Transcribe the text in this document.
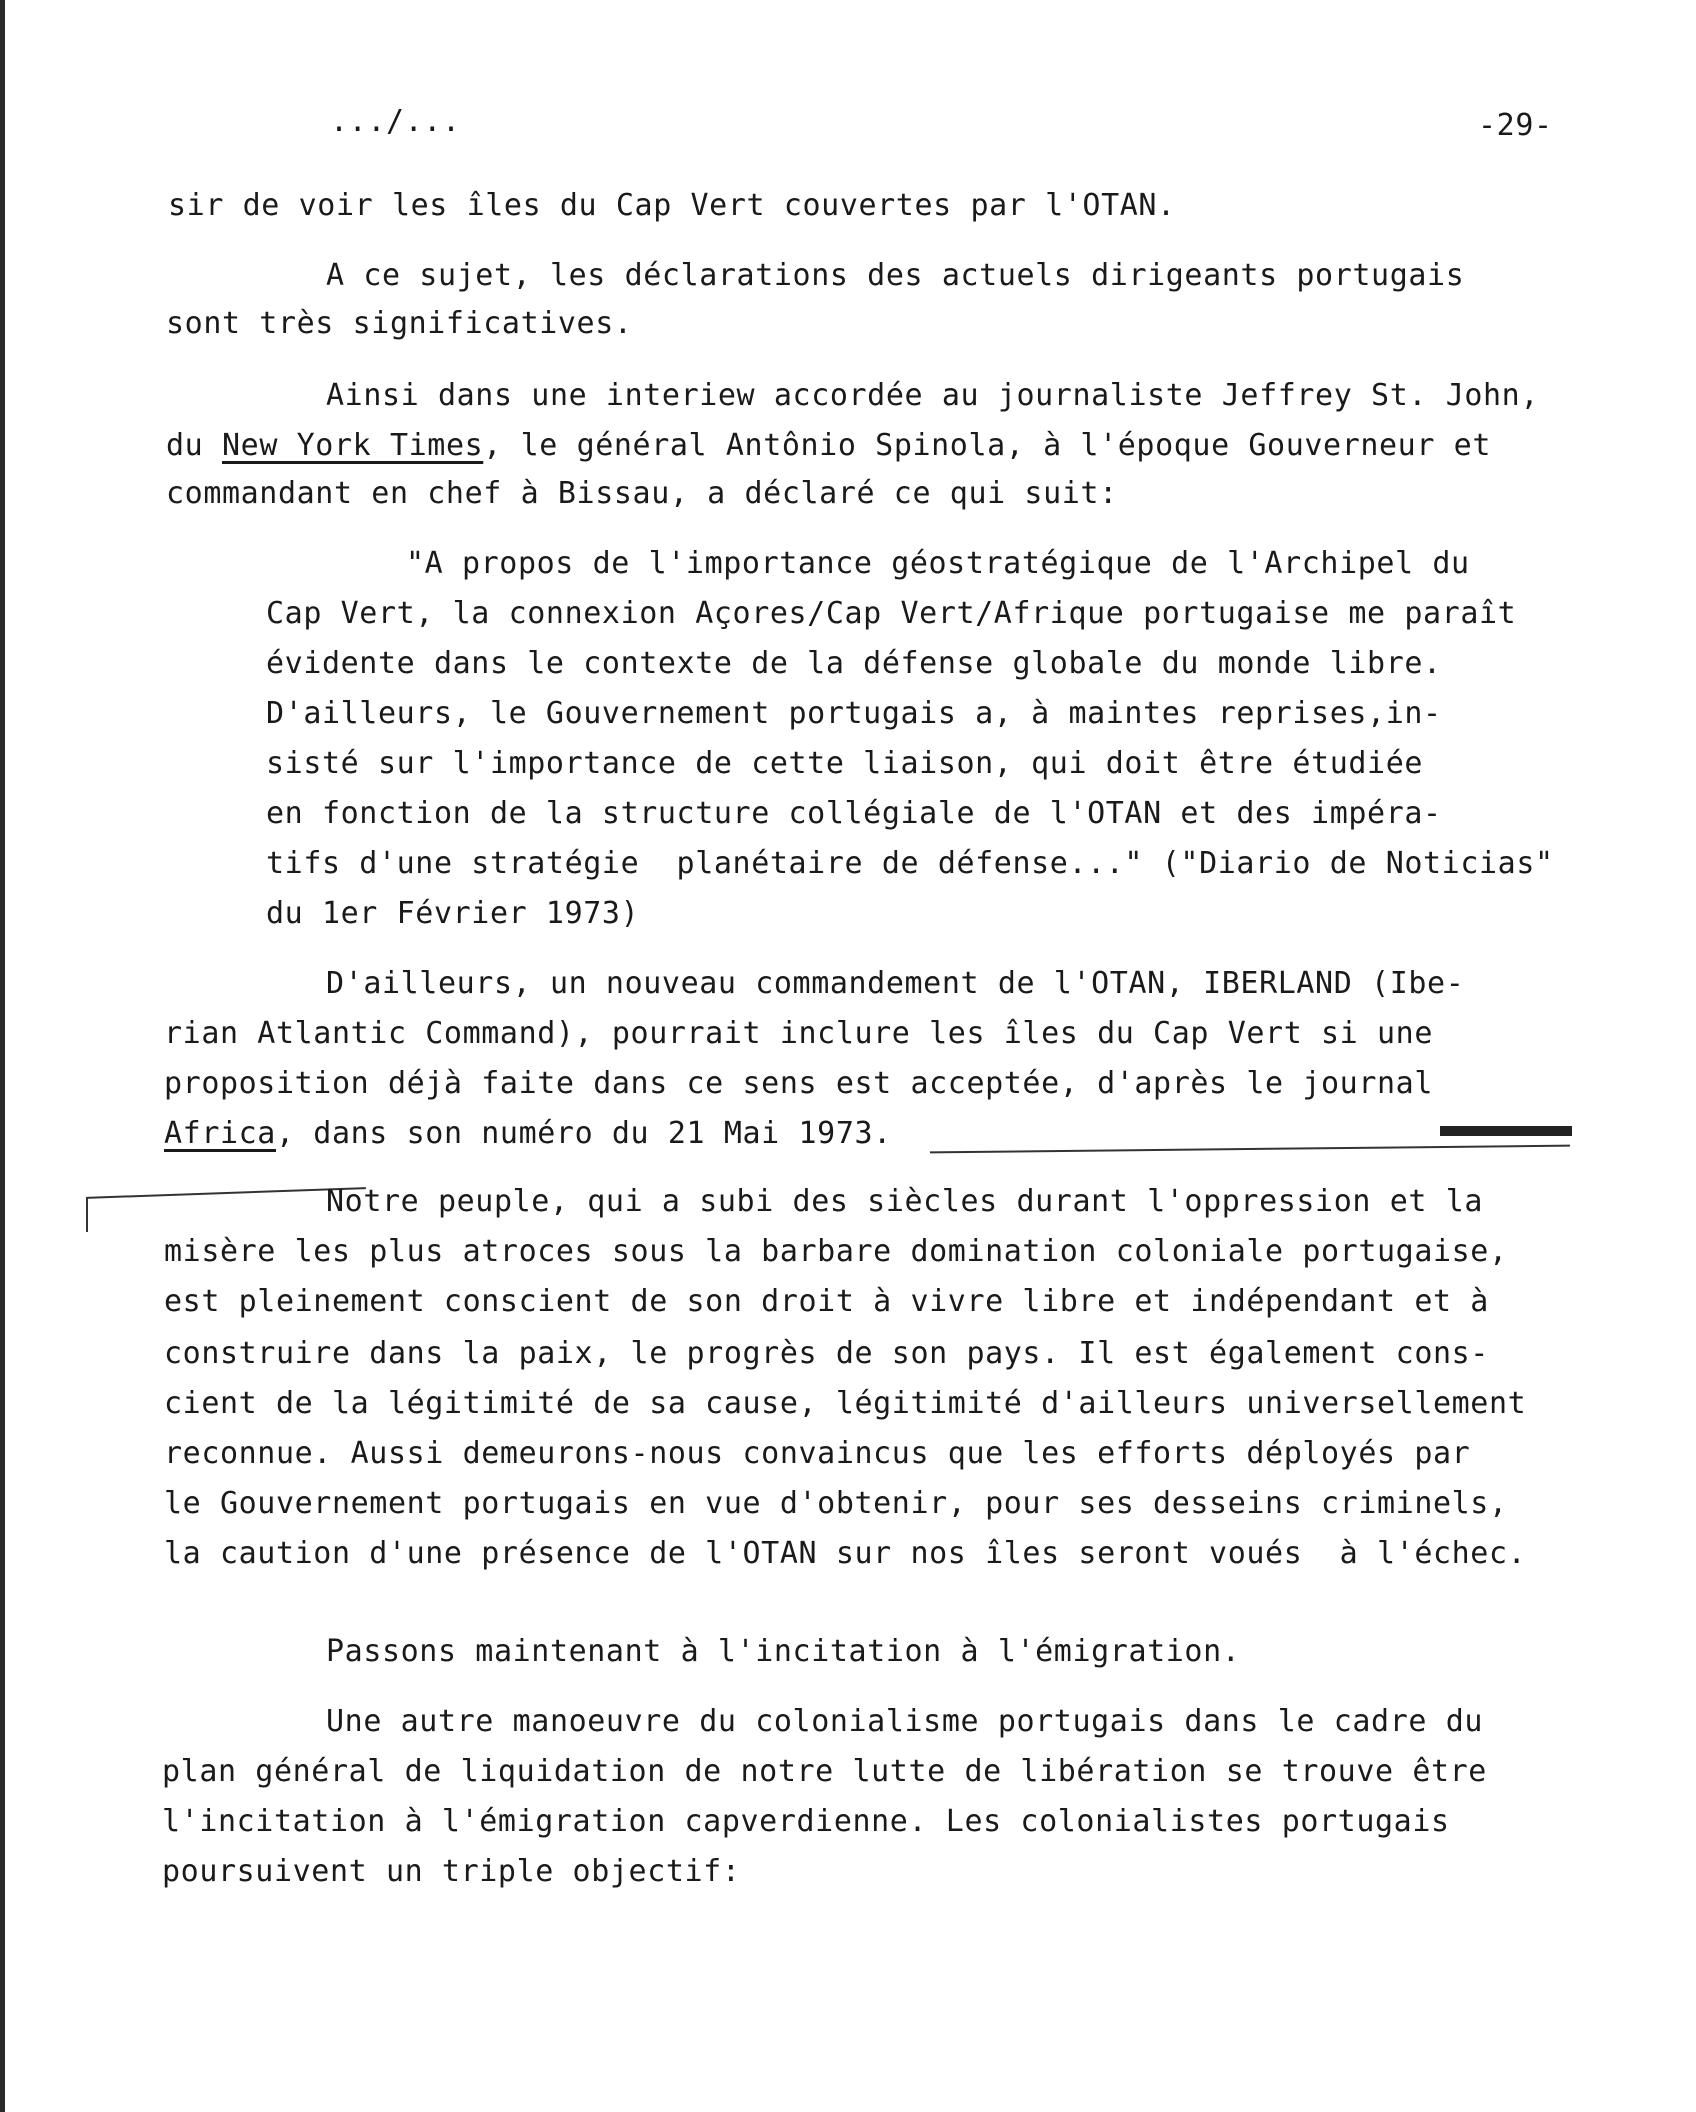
.../...	-29-
sir de voir les îles du Cap Vert couvertes par l'OTAN.
A ce sujet, les déclarations des actuels dirigeants portugais
sont très significatives.
Ainsi dans une interiew accordée au journaliste Jeffrey St. John,
du New York Times, le général Antônio Spinola, à l'époque Gouverneur et
commandant en chef à Bissau, a déclaré ce qui suit:
"A propos de l'importance géostratégique de l'Archipel du
Cap Vert, la connexion Açores/Cap Vert/Afrique portugaise me paraît
évidente dans le contexte de la défense globale du monde libre.
D'ailleurs, le Gouvernement portugais a, à maintes reprises,in-
sisté sur l'importance de cette liaison, qui doit être étudiée
en fonction de la structure collégiale de l'OTAN et des impéra-
tifs d'une stratégie  planétaire de défense..." ("Diario de Noticias"
du 1er Février 1973)
D'ailleurs, un nouveau commandement de l'OTAN, IBERLAND (Ibe-
rian Atlantic Command), pourrait inclure les îles du Cap Vert si une
proposition déjà faite dans ce sens est acceptée, d'après le journal
Africa, dans son numéro du 21 Mai 1973.
Notre peuple, qui a subi des siècles durant l'oppression et la
misère les plus atroces sous la barbare domination coloniale portugaise,
est pleinement conscient de son droit à vivre libre et indépendant et à
construire dans la paix, le progrès de son pays. Il est également cons-
cient de la légitimité de sa cause, légitimité d'ailleurs universellement
reconnue. Aussi demeurons-nous convaincus que les efforts déployés par
le Gouvernement portugais en vue d'obtenir, pour ses desseins criminels,
la caution d'une présence de l'OTAN sur nos îles seront voués  à l'échec.
Passons maintenant à l'incitation à l'émigration.
Une autre manoeuvre du colonialisme portugais dans le cadre du
plan général de liquidation de notre lutte de libération se trouve être
l'incitation à l'émigration capverdienne. Les colonialistes portugais
poursuivent un triple objectif:
